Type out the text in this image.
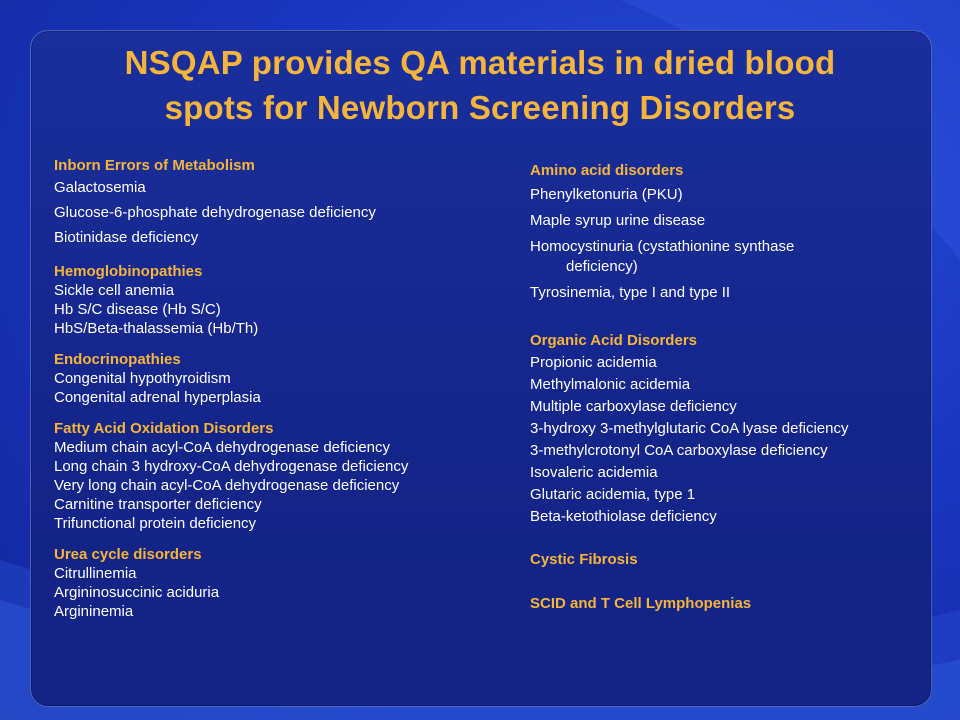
NSQAP provides QA materials in dried blood
spots for Newborn Screening Disorders
Inborn Errors of Metabolism
Galactosemia
Glucose-6-phosphate dehydrogenase deficiency
Biotinidase deficiency
Hemoglobinopathies
Sickle cell anemia
Hb S/C disease (Hb S/C)
HbS/Beta-thalassemia (Hb/Th)
Endocrinopathies
Congenital hypothyroidism
Congenital adrenal hyperplasia
Fatty Acid Oxidation Disorders
Medium chain acyl-CoA dehydrogenase deficiency
Long chain 3 hydroxy-CoA dehydrogenase deficiency
Very long chain acyl-CoA dehydrogenase deficiency
Carnitine transporter deficiency
Trifunctional protein deficiency
Urea cycle disorders
Citrullinemia
Argininosuccinic aciduria
Argininemia
Amino acid disorders
Phenylketonuria (PKU)
Maple syrup urine disease
Homocystinuria (cystathionine synthase
deficiency)
Tyrosinemia, type I and type II
Organic Acid Disorders
Propionic acidemia
Methylmalonic acidemia
Multiple carboxylase deficiency
3-hydroxy 3-methylglutaric CoA lyase deficiency
3-methylcrotonyl CoA carboxylase deficiency
Isovaleric acidemia
Glutaric acidemia, type 1
Beta-ketothiolase deficiency
Cystic Fibrosis
SCID and T Cell Lymphopenias
